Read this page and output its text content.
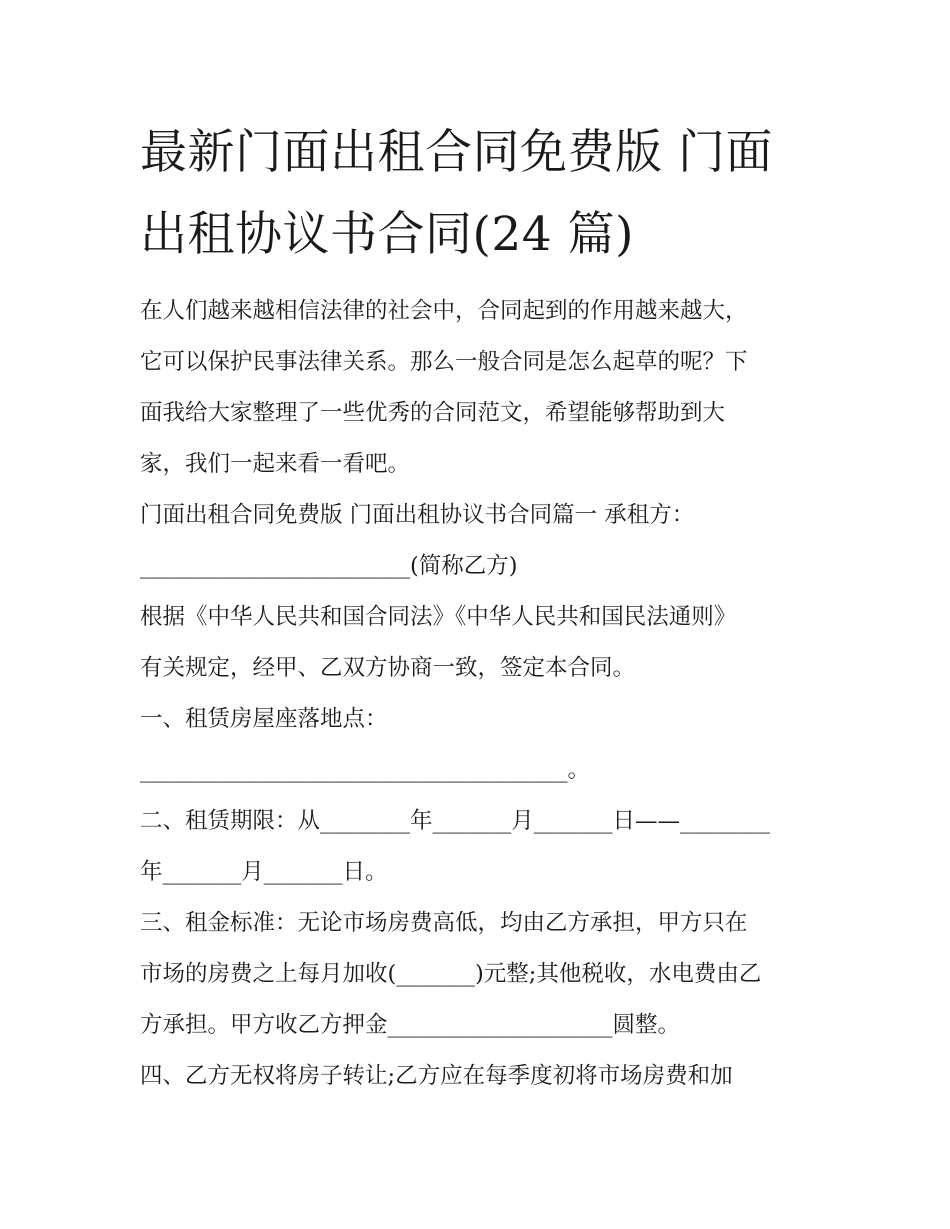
最新门面出租合同免费版 门面
出租协议书合同(24 篇)

在人们越来越相信法律的社会中，合同起到的作用越来越大，

它可以保护民事法律关系。那么一般合同是怎么起草的呢？下

面我给大家整理了一些优秀的合同范文，希望能够帮助到大

家，我们一起来看一看吧。

门面出租合同免费版 门面出租协议书合同篇一 承租方：

________________________(简称乙方)

根据《中华人民共和国合同法》《中华人民共和国民法通则》

有关规定，经甲、乙双方协商一致，签定本合同。

一、租赁房屋座落地点：

______________________________________。

二、租赁期限：从________年_______月_______日——________

年_______月_______日。

三、租金标准：无论市场房费高低，均由乙方承担，甲方只在

市场的房费之上每月加收(_______)元整;其他税收，水电费由乙

方承担。甲方收乙方押金____________________圆整。

四、乙方无权将房子转让;乙方应在每季度初将市场房费和加
